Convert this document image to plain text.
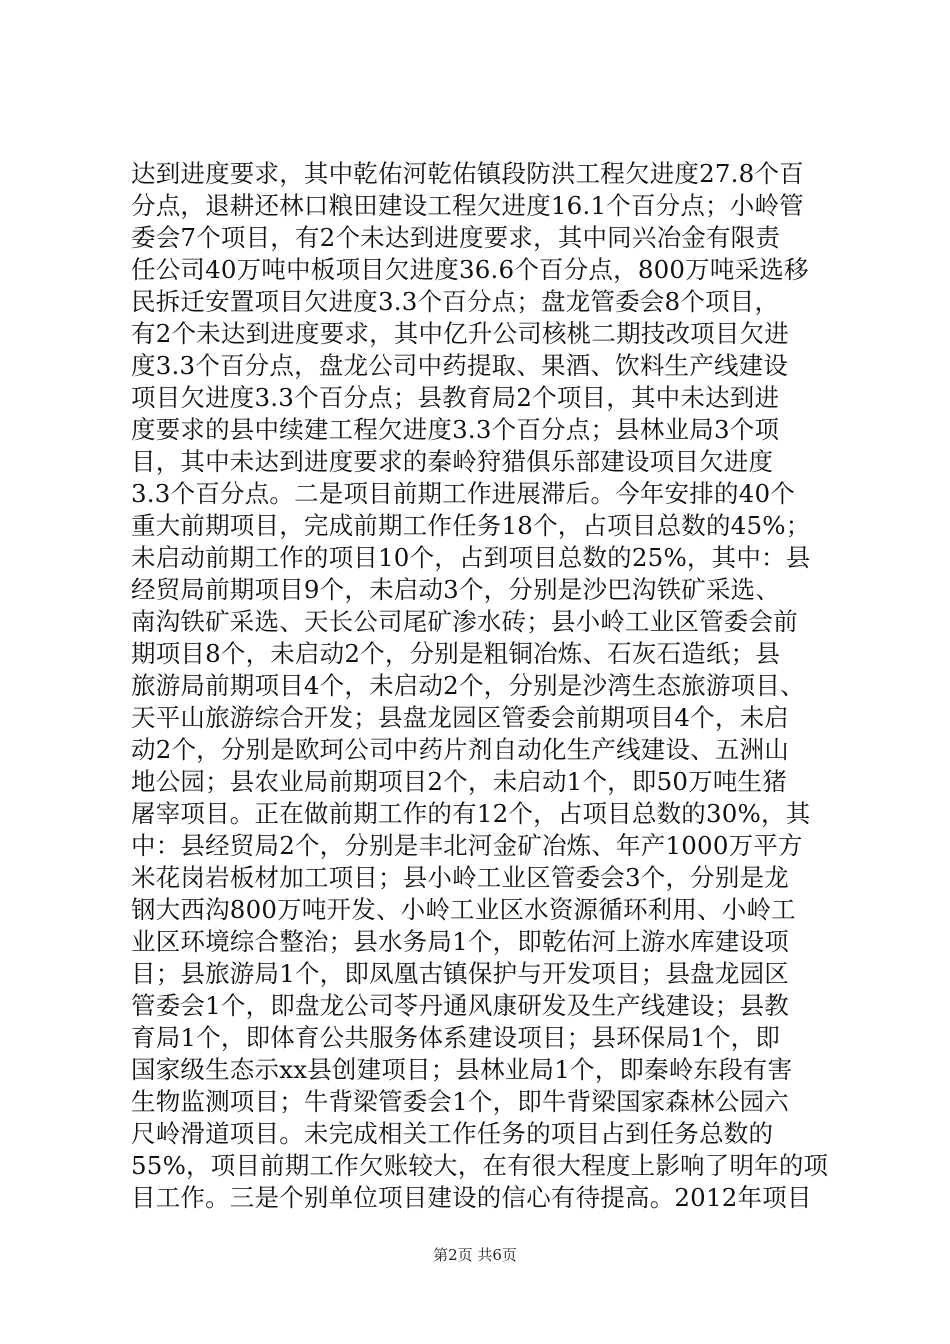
达到进度要求，其中乾佑河乾佑镇段防洪工程欠进度27.8个百
分点，退耕还林口粮田建设工程欠进度16.1个百分点；小岭管
委会7个项目，有2个未达到进度要求，其中同兴冶金有限责
任公司40万吨中板项目欠进度36.6个百分点，800万吨采选移
民拆迁安置项目欠进度3.3个百分点；盘龙管委会8个项目，
有2个未达到进度要求，其中亿升公司核桃二期技改项目欠进
度3.3个百分点，盘龙公司中药提取、果酒、饮料生产线建设
项目欠进度3.3个百分点；县教育局2个项目，其中未达到进
度要求的县中续建工程欠进度3.3个百分点；县林业局3个项
目，其中未达到进度要求的秦岭狩猎俱乐部建设项目欠进度
3.3个百分点。二是项目前期工作进展滞后。今年安排的40个
重大前期项目，完成前期工作任务18个，占项目总数的45%；
未启动前期工作的项目10个，占到项目总数的25%，其中：县
经贸局前期项目9个，未启动3个，分别是沙巴沟铁矿采选、
南沟铁矿采选、天长公司尾矿渗水砖；县小岭工业区管委会前
期项目8个，未启动2个，分别是粗铜冶炼、石灰石造纸；县
旅游局前期项目4个，未启动2个，分别是沙湾生态旅游项目、
天平山旅游综合开发；县盘龙园区管委会前期项目4个，未启
动2个，分别是欧珂公司中药片剂自动化生产线建设、五洲山
地公园；县农业局前期项目2个，未启动1个，即50万吨生猪
屠宰项目。正在做前期工作的有12个，占项目总数的30%，其
中：县经贸局2个，分别是丰北河金矿冶炼、年产1000万平方
米花岗岩板材加工项目；县小岭工业区管委会3个，分别是龙
钢大西沟800万吨开发、小岭工业区水资源循环利用、小岭工
业区环境综合整治；县水务局1个，即乾佑河上游水库建设项
目；县旅游局1个，即凤凰古镇保护与开发项目；县盘龙园区
管委会1个，即盘龙公司苓丹通风康研发及生产线建设；县教
育局1个，即体育公共服务体系建设项目；县环保局1个，即
国家级生态示xx县创建项目；县林业局1个，即秦岭东段有害
生物监测项目；牛背梁管委会1个，即牛背梁国家森林公园六
尺岭滑道项目。未完成相关工作任务的项目占到任务总数的
55%，项目前期工作欠账较大，在有很大程度上影响了明年的项
目工作。三是个别单位项目建设的信心有待提高。2012年项目
第2页 共6页
